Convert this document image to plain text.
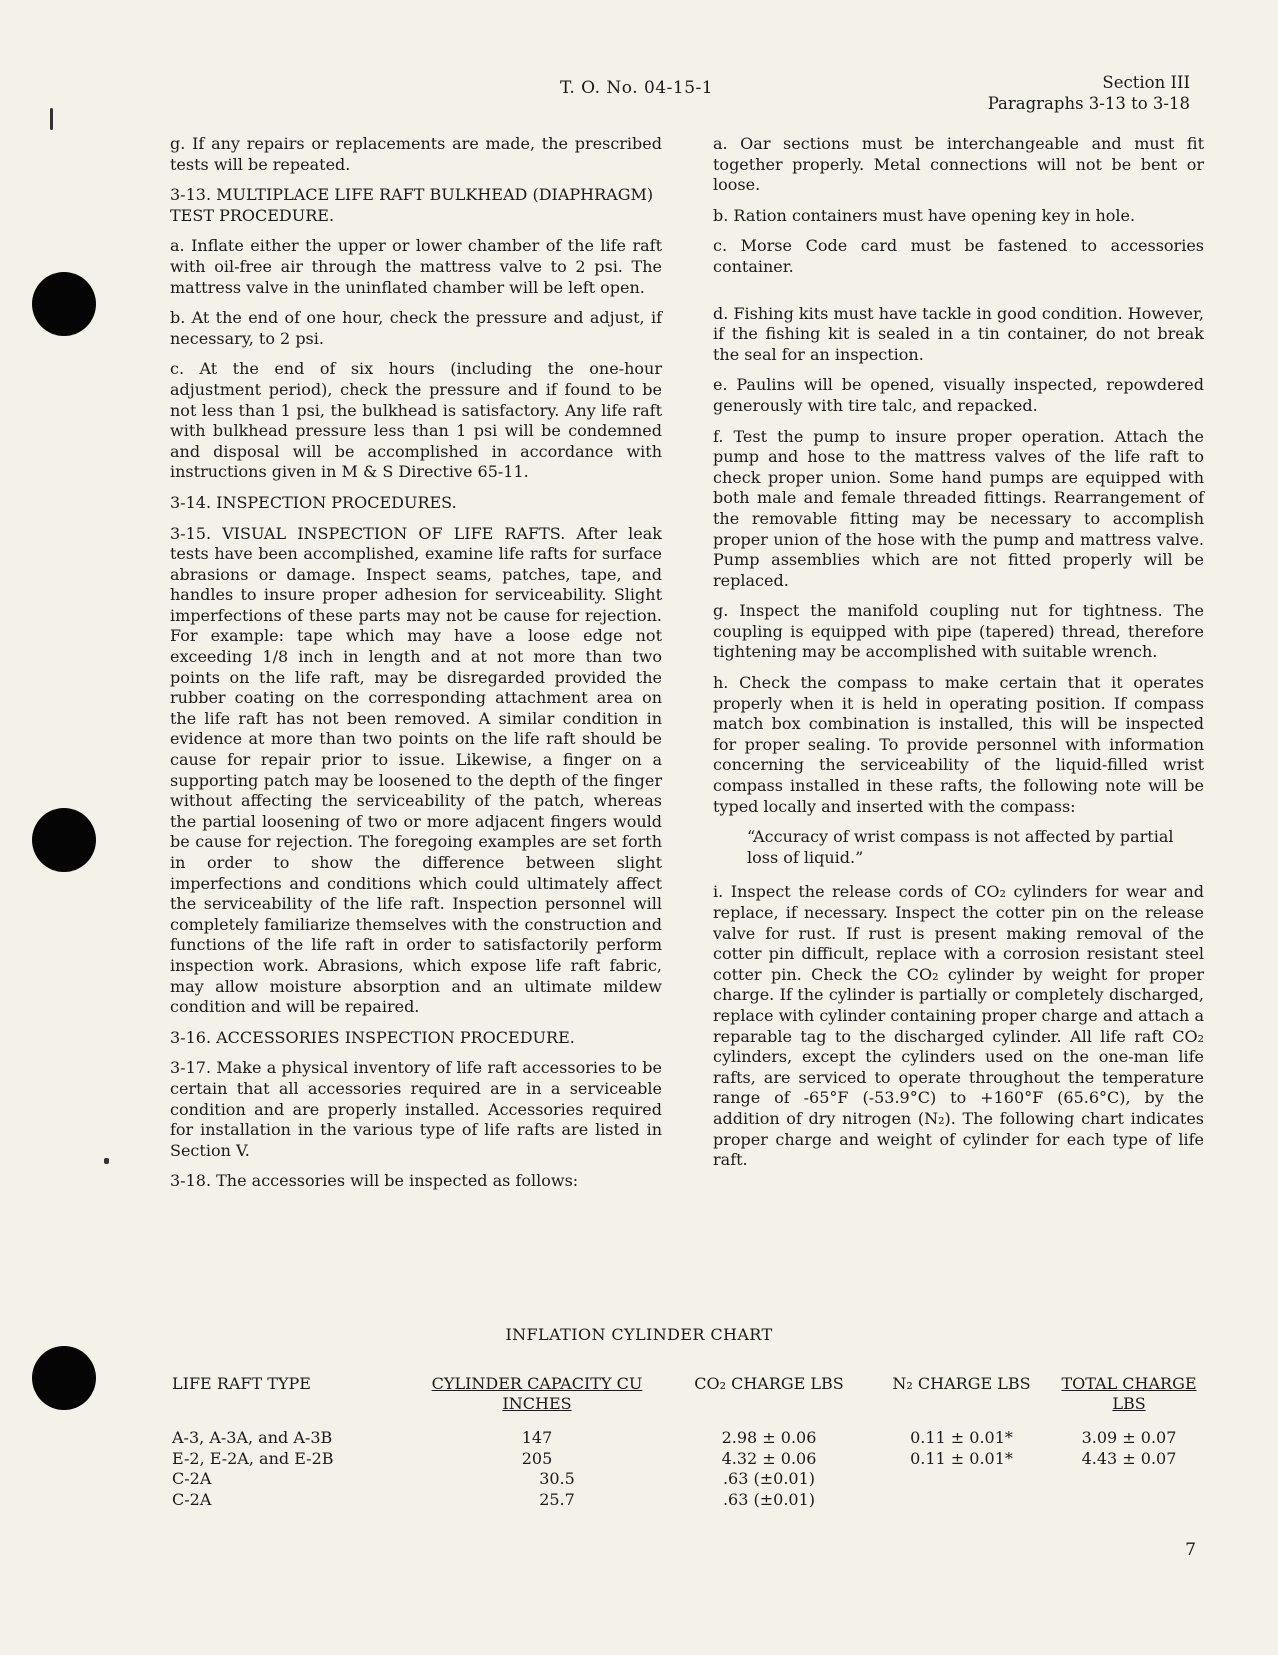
T. O. No. 04-15-1	Section III
Paragraphs 3-13 to 3-18

g. If any repairs or replacements are made, the prescribed tests will be repeated.

3-13. MULTIPLACE LIFE RAFT BULKHEAD (DIAPHRAGM) TEST PROCEDURE.

a. Inflate either the upper or lower chamber of the life raft with oil-free air through the mattress valve to 2 psi. The mattress valve in the uninflated chamber will be left open.

b. At the end of one hour, check the pressure and adjust, if necessary, to 2 psi.

c. At the end of six hours (including the one-hour adjustment period), check the pressure and if found to be not less than 1 psi, the bulkhead is satisfactory. Any life raft with bulkhead pressure less than 1 psi will be condemned and disposal will be accomplished in accordance with instructions given in M & S Directive 65-11.

3-14. INSPECTION PROCEDURES.

3-15. VISUAL INSPECTION OF LIFE RAFTS. After leak tests have been accomplished, examine life rafts for surface abrasions or damage. Inspect seams, patches, tape, and handles to insure proper adhesion for serviceability. Slight imperfections of these parts may not be cause for rejection. For example: tape which may have a loose edge not exceeding 1/8 inch in length and at not more than two points on the life raft, may be disregarded provided the rubber coating on the corresponding attachment area on the life raft has not been removed. A similar condition in evidence at more than two points on the life raft should be cause for repair prior to issue. Likewise, a finger on a supporting patch may be loosened to the depth of the finger without affecting the serviceability of the patch, whereas the partial loosening of two or more adjacent fingers would be cause for rejection. The foregoing examples are set forth in order to show the difference between slight imperfections and conditions which could ultimately affect the serviceability of the life raft. Inspection personnel will completely familiarize themselves with the construction and functions of the life raft in order to satisfactorily perform inspection work. Abrasions, which expose life raft fabric, may allow moisture absorption and an ultimate mildew condition and will be repaired.

3-16. ACCESSORIES INSPECTION PROCEDURE.

3-17. Make a physical inventory of life raft accessories to be certain that all accessories required are in a serviceable condition and are properly installed. Accessories required for installation in the various type of life rafts are listed in Section V.

3-18. The accessories will be inspected as follows:

a. Oar sections must be interchangeable and must fit together properly. Metal connections will not be bent or loose.

b. Ration containers must have opening key in hole.

c. Morse Code card must be fastened to accessories container.

d. Fishing kits must have tackle in good condition. However, if the fishing kit is sealed in a tin container, do not break the seal for an inspection.

e. Paulins will be opened, visually inspected, repowdered generously with tire talc, and repacked.

f. Test the pump to insure proper operation. Attach the pump and hose to the mattress valves of the life raft to check proper union. Some hand pumps are equipped with both male and female threaded fittings. Rearrangement of the removable fitting may be necessary to accomplish proper union of the hose with the pump and mattress valve. Pump assemblies which are not fitted properly will be replaced.

g. Inspect the manifold coupling nut for tightness. The coupling is equipped with pipe (tapered) thread, therefore tightening may be accomplished with suitable wrench.

h. Check the compass to make certain that it operates properly when it is held in operating position. If compass match box combination is installed, this will be inspected for proper sealing. To provide personnel with information concerning the serviceability of the liquid-filled wrist compass installed in these rafts, the following note will be typed locally and inserted with the compass:

“Accuracy of wrist compass is not affected by partial loss of liquid.”

i. Inspect the release cords of CO₂ cylinders for wear and replace, if necessary. Inspect the cotter pin on the release valve for rust. If rust is present making removal of the cotter pin difficult, replace with a corrosion resistant steel cotter pin. Check the CO₂ cylinder by weight for proper charge. If the cylinder is partially or completely discharged, replace with cylinder containing proper charge and attach a reparable tag to the discharged cylinder. All life raft CO₂ cylinders, except the cylinders used on the one-man life rafts, are serviced to operate throughout the temperature range of -65°F (-53.9°C) to +160°F (65.6°C), by the addition of dry nitrogen (N₂). The following chart indicates proper charge and weight of cylinder for each type of life raft.

INFLATION CYLINDER CHART
LIFE RAFT TYPE	CYLINDER CAPACITY CU INCHES	CO₂ CHARGE LBS	N₂ CHARGE LBS	TOTAL CHARGE LBS
A-3, A-3A, and A-3B	147	2.98 ± 0.06	0.11 ± 0.01*	3.09 ± 0.07
E-2, E-2A, and E-2B	205	4.32 ± 0.06	0.11 ± 0.01*	4.43 ± 0.07
C-2A	30.5	.63 (±0.01)		
C-2A	25.7	.63 (±0.01)		
7
